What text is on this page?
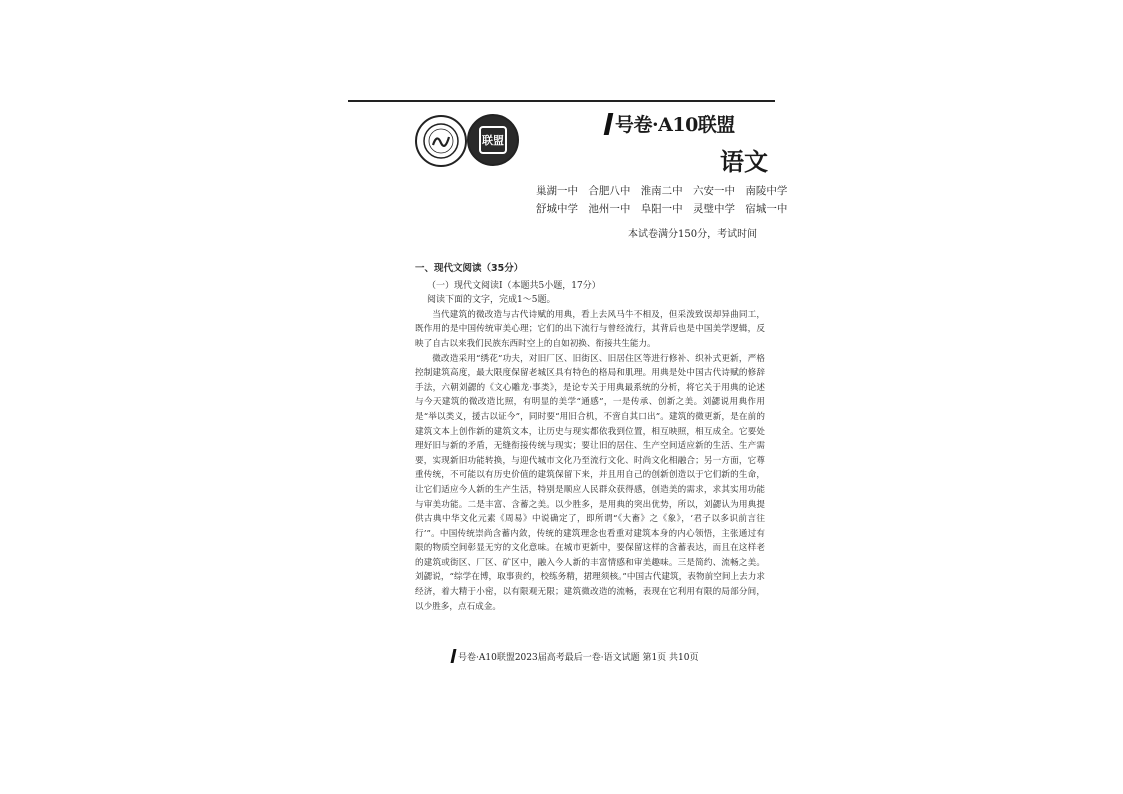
联盟
号卷·A10联盟
语文
巢湖一中 合肥八中 淮南二中 六安一中 南陵中学
舒城中学 池州一中 阜阳一中 灵璧中学 宿城一中
本试卷满分150分，考试时间
一、现代文阅读（35分）
（一）现代文阅读Ⅰ（本题共5小题，17分）
阅读下面的文字，完成1～5题。

当代建筑的微改造与古代诗赋的用典，看上去风马牛不相及，但采泼致误却异曲同工，既作用的是中国传统审美心理；它们的出下流行与曾经流行，其背后也是中国美学逻辑，反映了自古以来我们民族东西时空上的自如初换、衔接共生能力。

微改造采用“绣花”功夫，对旧厂区、旧街区、旧居住区等进行修补、织补式更新，严格控制建筑高度，最大限度保留老城区具有特色的格局和肌理。用典是处中国古代诗赋的修辞手法，六朝刘勰的《文心雕龙·事类》，是论专关于用典最系统的分析，将它关于用典的论述与今天建筑的微改造比照，有明显的美学“通感”，一是传承、创新之美。刘勰说用典作用是“举以类义，援古以证今”，同时要“用旧合机，不啻自其口出”。建筑的微更新，是在前的建筑文本上创作新的建筑文本，让历史与现实都依我到位置，相互映照，相互成全。它要处理好旧与新的矛盾，无缝衔接传统与现实；要让旧的居住、生产空间适应新的生活、生产需要，实现新旧功能转换，与迎代城市文化乃至流行文化、时尚文化相融合；另一方面，它尊重传统，不可能以有历史价值的建筑保留下来，并且用自己的创新创造以于它们新的生命，让它们适应今人新的生产生活，特别是顺应人民群众获得感，创造美的需求，求其实用功能与审美功能。二是丰富、含蓄之美。以少胜多，是用典的突出优势，所以，刘勰认为用典提供古典中华文化元素《周易》中说确定了，即所谓“《大畜》之《象》，‘君子以多识前言往行’”。中国传统崇尚含蓄内敛，传统的建筑理念也看重对建筑本身的内心领悟，主张通过有限的物质空间彰显无穷的文化意味。在城市更新中，要保留这样的含蓄表达，而且在这样老的建筑或街区、厂区、矿区中，融入今人新的丰富情感和审美趣味。三是简约、流畅之美。刘勰说，“综学在博，取事贵约，校练务精，捃理须核。”中国古代建筑，表物前空间上去力求经济，着大精于小密，以有限观无限；建筑微改造的流畅，表现在它利用有限的局部分间，以少胜多，点石成金。

号卷·A10联盟2023届高考最后一卷·语文试题 第1页 共10页
